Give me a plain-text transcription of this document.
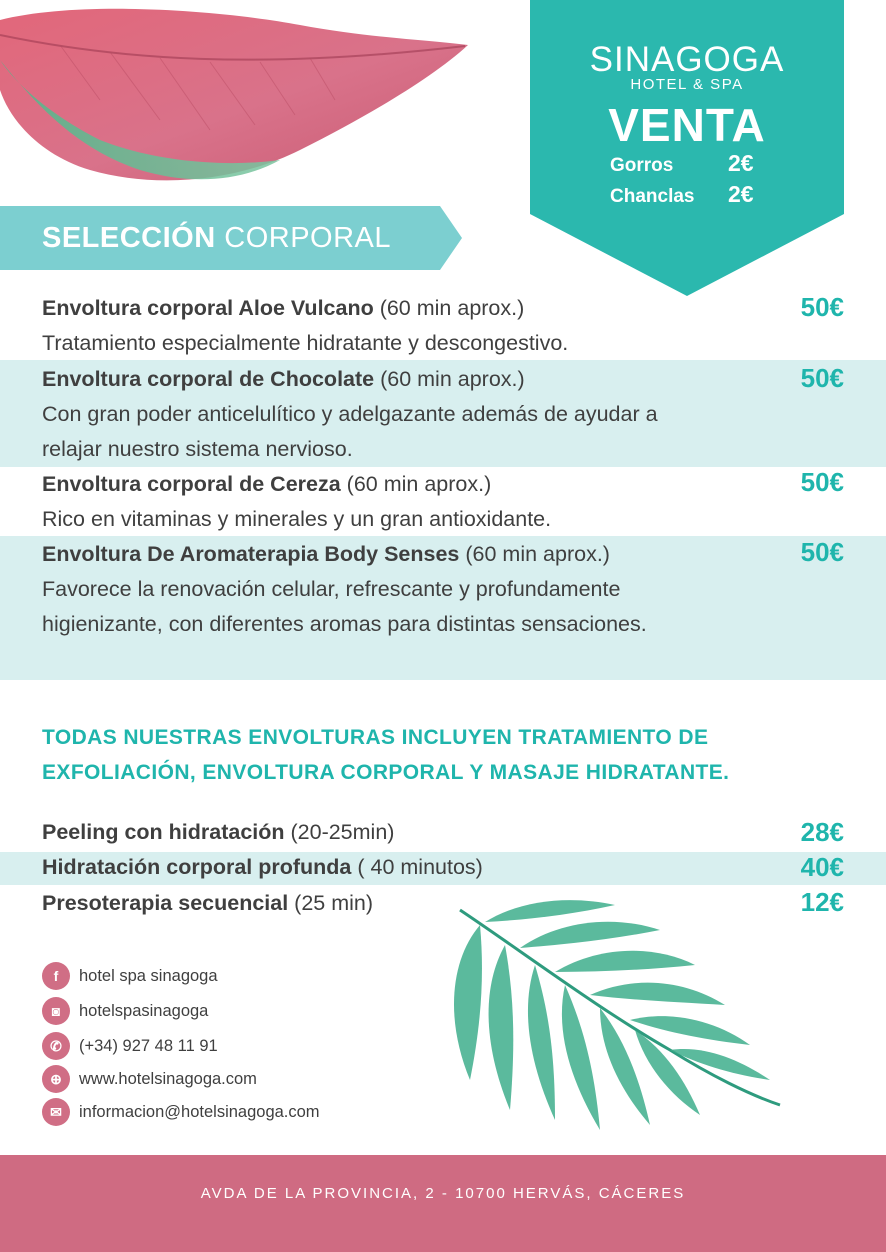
SINAGOGA
HOTEL & SPA
VENTA
Gorros 2€
Chanclas 2€
SELECCIÓN CORPORAL
Envoltura corporal Aloe Vulcano (60 min aprox.)
Tratamiento especialmente hidratante y descongestivo.
50€
Envoltura corporal de Chocolate (60 min aprox.)
Con gran poder anticelulítico y adelgazante además de ayudar a relajar nuestro sistema nervioso.
50€
Envoltura corporal de Cereza (60 min aprox.)
Rico en vitaminas y minerales y un gran antioxidante.
50€
Envoltura De Aromaterapia Body Senses (60 min aprox.)
Favorece la renovación celular, refrescante y profundamente higienizante, con diferentes aromas para distintas sensaciones.
50€
TODAS NUESTRAS ENVOLTURAS INCLUYEN TRATAMIENTO DE EXFOLIACIÓN, ENVOLTURA CORPORAL Y MASAJE HIDRATANTE.
Peeling con hidratación (20-25min)	28€
Hidratación corporal profunda ( 40 minutos)	40€
Presoterapia secuencial (25 min)	12€
f	hotel spa sinagoga
◙	hotelspasinagoga
✆	(+34) 927 48 11 91
⊕	www.hotelsinagoga.com
✉	informacion@hotelsinagoga.com
AVDA DE LA PROVINCIA, 2 - 10700 HERVÁS, CÁCERES
